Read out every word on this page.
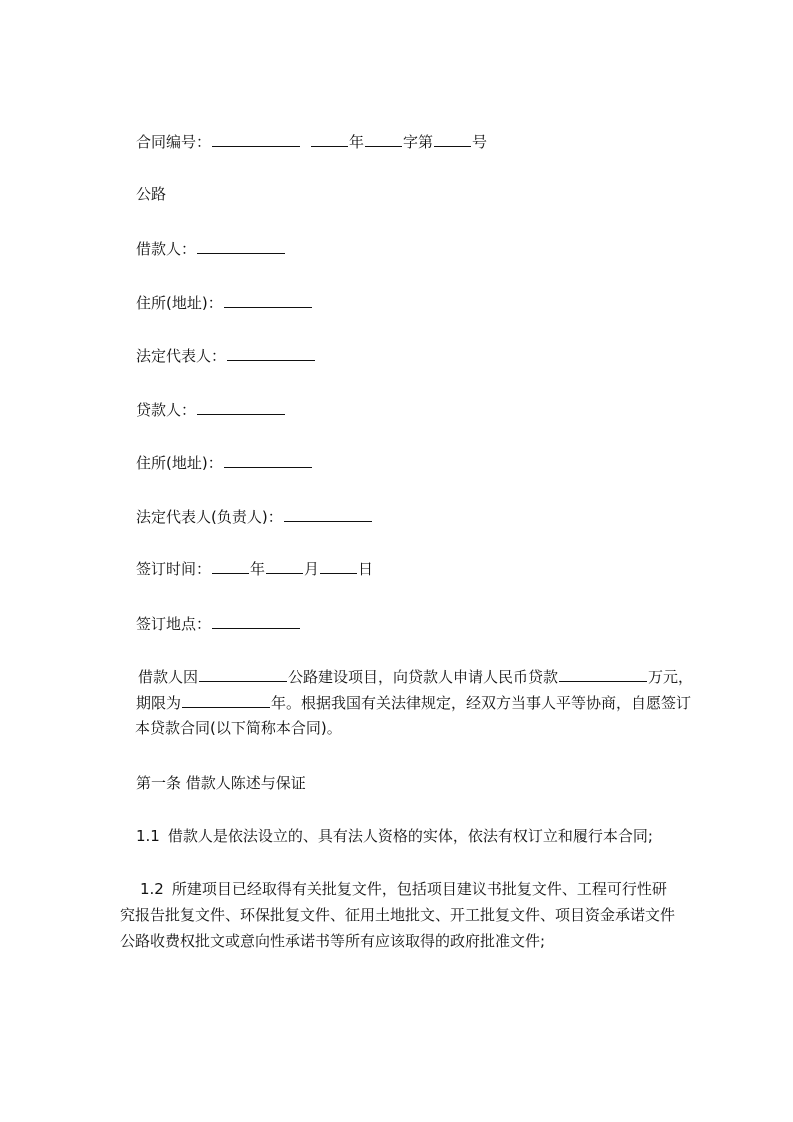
合同编号：	年	字第	号
公路
借款人：
住所(地址)：
法定代表人：
贷款人：
住所(地址)：
法定代表人(负责人)：
签订时间：	年	月	日
签订地点：
借款人因	公路建设项目，向贷款人申请人民币贷款	万元，
期限为	年。根据我国有关法律规定，经双方当事人平等协商，自愿签订
本贷款合同(以下简称本合同)。
第一条 借款人陈述与保证
1.1 借款人是依法设立的、具有法人资格的实体，依法有权订立和履行本合同;
1.2 所建项目已经取得有关批复文件，包括项目建议书批复文件、工程可行性研
究报告批复文件、环保批复文件、征用土地批文、开工批复文件、项目资金承诺文件
公路收费权批文或意向性承诺书等所有应该取得的政府批准文件;
